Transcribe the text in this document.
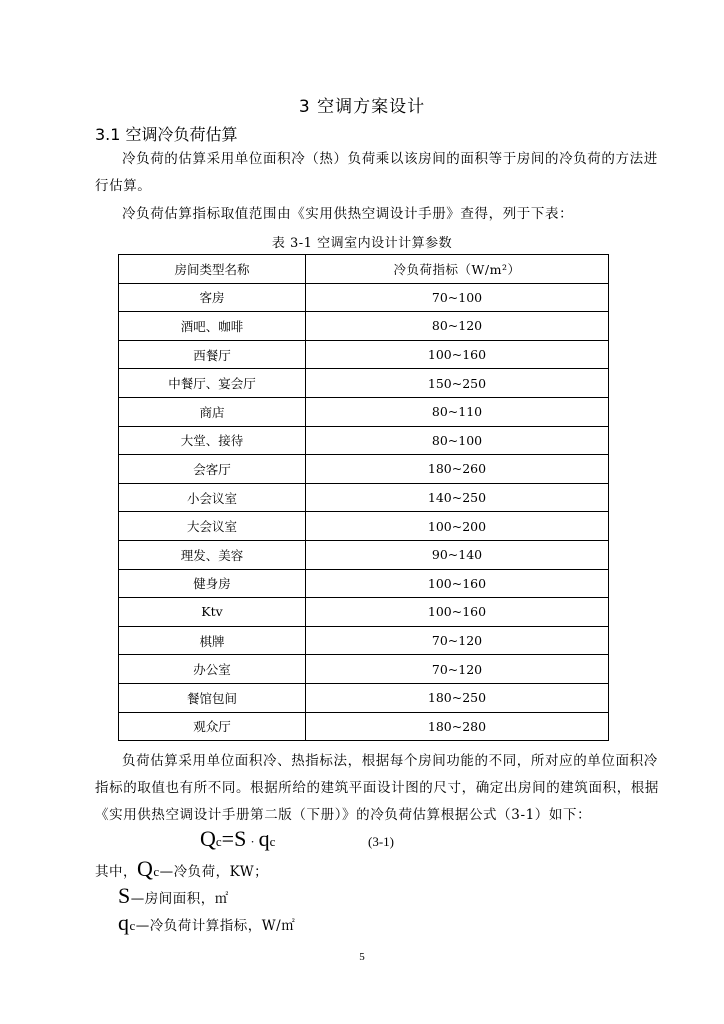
3 空调方案设计
3.1 空调冷负荷估算
冷负荷的估算采用单位面积冷（热）负荷乘以该房间的面积等于房间的冷负荷的方法进行估算。
冷负荷估算指标取值范围由《实用供热空调设计手册》查得，列于下表：
表 3-1 空调室内设计计算参数
房间类型名称	冷负荷指标（W/m²）
客房	70~100
酒吧、咖啡	80~120
西餐厅	100~160
中餐厅、宴会厅	150~250
商店	80~110
大堂、接待	80~100
会客厅	180~260
小会议室	140~250
大会议室	100~200
理发、美容	90~140
健身房	100~160
Ktv	100~160
棋牌	70~120
办公室	70~120
餐馆包间	180~250
观众厅	180~280
负荷估算采用单位面积冷、热指标法，根据每个房间功能的不同，所对应的单位面积冷指标的取值也有所不同。根据所给的建筑平面设计图的尺寸，确定出房间的建筑面积，根据《实用供热空调设计手册第二版（下册）》的冷负荷估算根据公式（3-1）如下：
Qc=S · qc	(3-1)
其中，Qc—冷负荷，KW；
S—房间面积，㎡
qc—冷负荷计算指标，W/㎡
5
